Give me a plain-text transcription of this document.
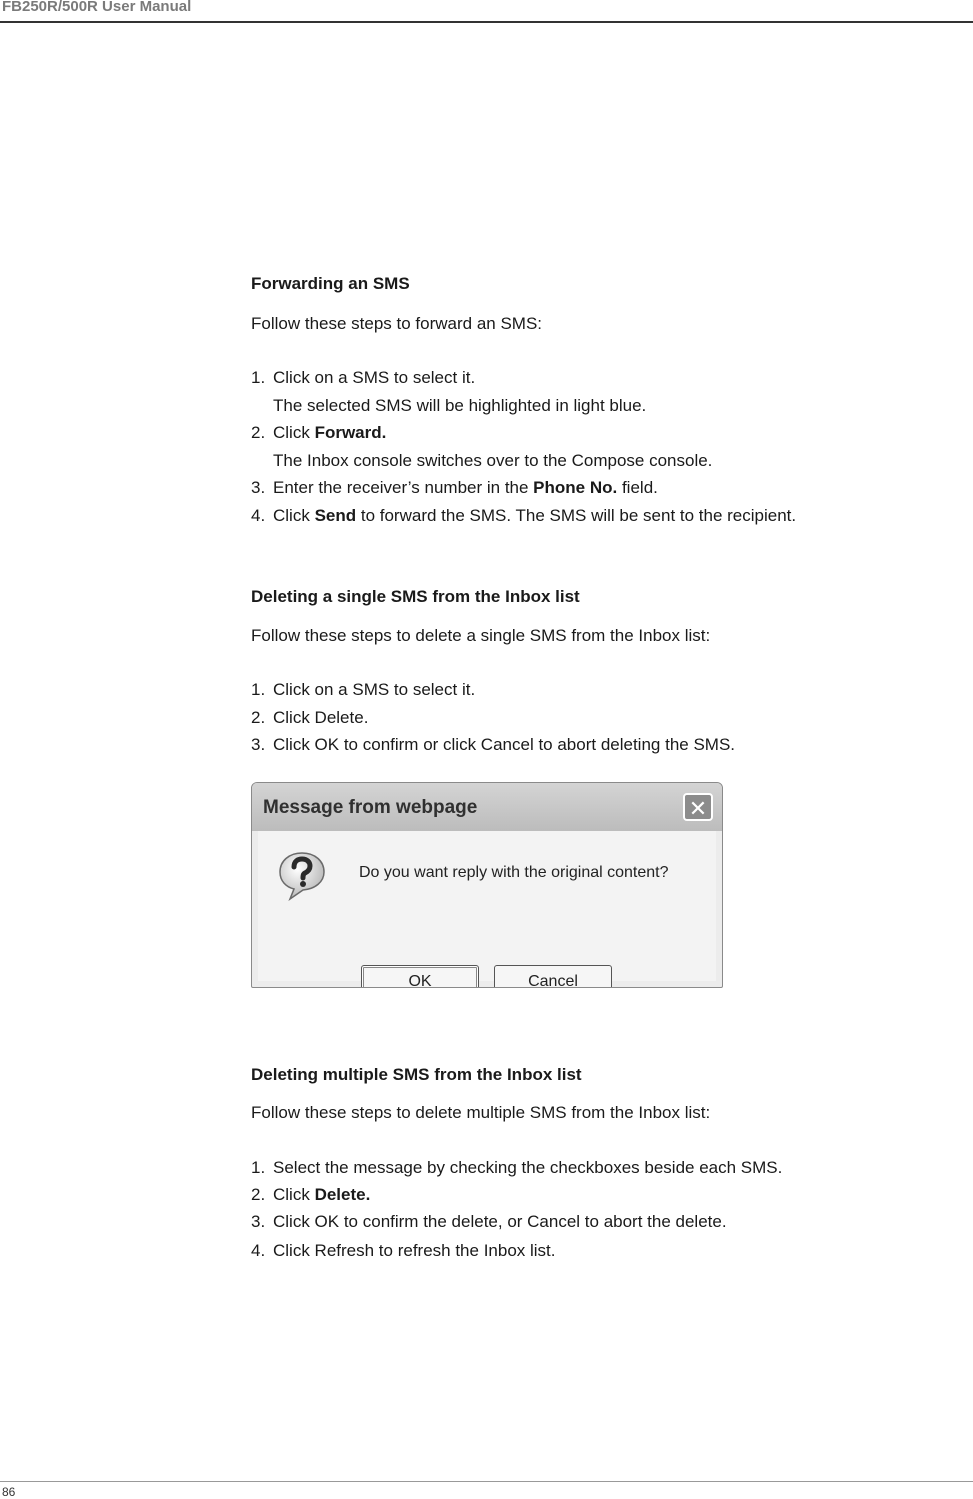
FB250R/500R User Manual
Forwarding an SMS
Follow these steps to forward an SMS:
1. Click on a SMS to select it.
The selected SMS will be highlighted in light blue.
2. Click Forward.
The Inbox console switches over to the Compose console.
3. Enter the receiver’s number in the Phone No. field.
4. Click Send to forward the SMS. The SMS will be sent to the recipient.
Deleting a single SMS from the Inbox list
Follow these steps to delete a single SMS from the Inbox list:
1. Click on a SMS to select it.
2. Click Delete.
3. Click OK to confirm or click Cancel to abort deleting the SMS.
Deleting multiple SMS from the Inbox list
Follow these steps to delete multiple SMS from the Inbox list:
1. Select the message by checking the checkboxes beside each SMS.
2. Click Delete.
3. Click OK to confirm the delete, or Cancel to abort the delete.
4. Click Refresh to refresh the Inbox list.
Message from webpage	✕
Do you want reply with the original content?
OK	Cancel
86
